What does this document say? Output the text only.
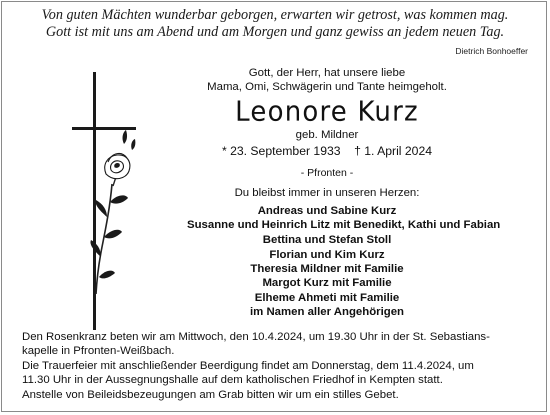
Von guten Mächten wunderbar geborgen, erwarten wir getrost, was kommen mag.
Gott ist mit uns am Abend und am Morgen und ganz gewiss an jedem neuen Tag.
Dietrich Bonhoeffer
Gott, der Herr, hat unsere liebe
Mama, Omi, Schwägerin und Tante heimgeholt.
Leonore Kurz
geb. Mildner
* 23. September 1933 † 1. April 2024
- Pfronten -
Du bleibst immer in unseren Herzen:
Andreas und Sabine Kurz
Susanne und Heinrich Litz mit Benedikt, Kathi und Fabian
Bettina und Stefan Stoll
Florian und Kim Kurz
Theresia Mildner mit Familie
Margot Kurz mit Familie
Elheme Ahmeti mit Familie
im Namen aller Angehörigen
Den Rosenkranz beten wir am Mittwoch, den 10.4.2024, um 19.30 Uhr in der St. Sebastians-
kapelle in Pfronten-Weißbach.
Die Trauerfeier mit anschließender Beerdigung findet am Donnerstag, dem 11.4.2024, um
11.30 Uhr in der Aussegnungshalle auf dem katholischen Friedhof in Kempten statt.
Anstelle von Beileidsbezeugungen am Grab bitten wir um ein stilles Gebet.
